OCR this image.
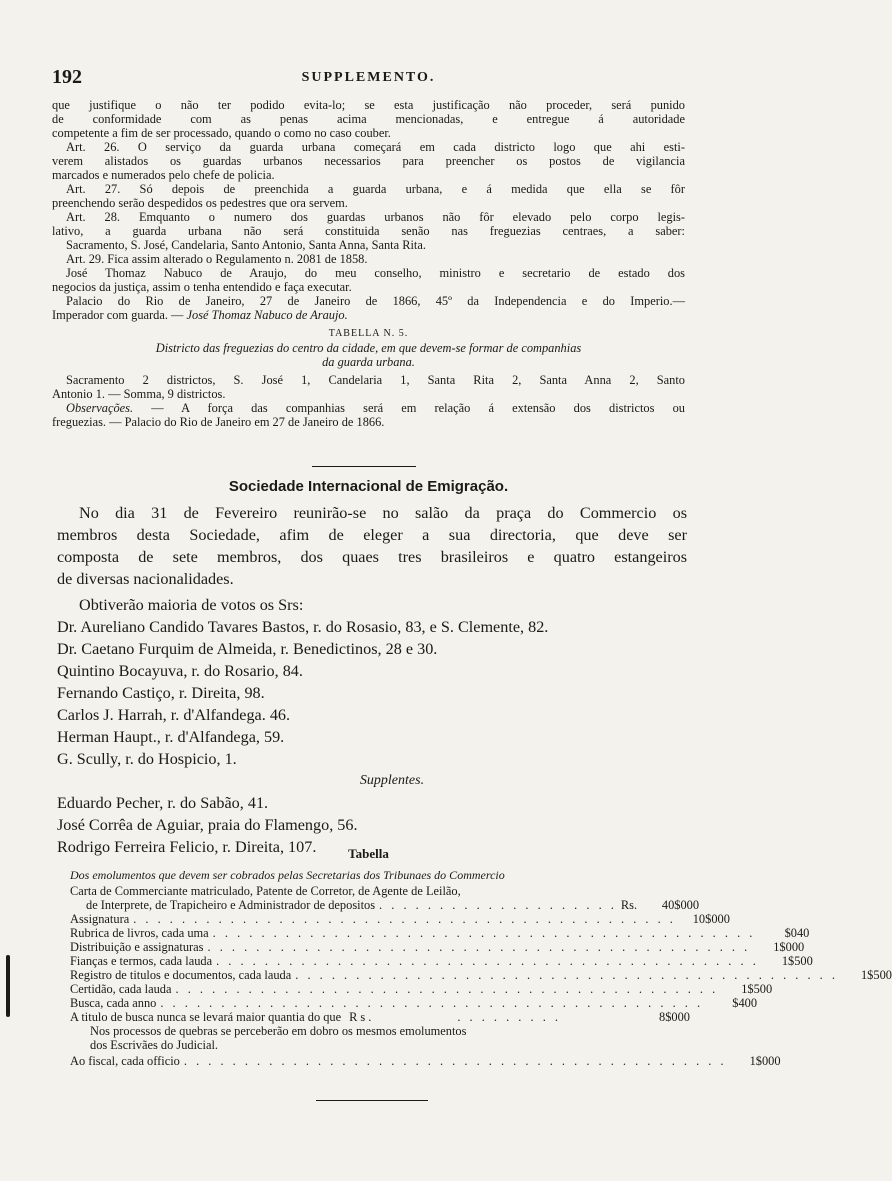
192	SUPPLEMENTO.

que justifique o não ter podido evita-lo; se esta justificação não proceder, será punido

de conformidade com as penas acima mencionadas, e entregue á autoridade

competente a fim de ser processado, quando o como no caso couber.

Art. 26. O serviço da guarda urbana começará em cada districto logo que ahi esti-

verem alistados os guardas urbanos necessarios para preencher os postos de vigilancia

marcados e numerados pelo chefe de policia.

Art. 27. Só depois de preenchida a guarda urbana, e á medida que ella se fôr

preenchendo serão despedidos os pedestres que ora servem.

Art. 28. Emquanto o numero dos guardas urbanos não fôr elevado pelo corpo legis-

lativo, a guarda urbana não será constituida senão nas freguezias centraes, a saber:

Sacramento, S. José, Candelaria, Santo Antonio, Santa Anna, Santa Rita.

Art. 29. Fica assim alterado o Regulamento n. 2081 de 1858.

José Thomaz Nabuco de Araujo, do meu conselho, ministro e secretario de estado dos

negocios da justiça, assim o tenha entendido e faça executar.

Palacio do Rio de Janeiro, 27 de Janeiro de 1866, 45º da Independencia e do Imperio.—

Imperador com guarda. — José Thomaz Nabuco de Araujo.

TABELLA N. 5.

Districto das freguezias do centro da cidade, em que devem-se formar de companhias

da guarda urbana.

Sacramento 2 districtos, S. José 1, Candelaria 1, Santa Rita 2, Santa Anna 2, Santo

Antonio 1. — Somma, 9 districtos.

Observações. — A força das companhias será em relação á extensão dos districtos ou

freguezias. — Palacio do Rio de Janeiro em 27 de Janeiro de 1866.

Sociedade Internacional de Emigração.

No dia 31 de Fevereiro reunirão-se no salão da praça do Commercio os

membros desta Sociedade, afim de eleger a sua directoria, que deve ser

composta de sete membros, dos quaes tres brasileiros e quatro estangeiros

de diversas nacionalidades.

Obtiverão maioria de votos os Srs:

Dr. Aureliano Candido Tavares Bastos, r. do Rosasio, 83, e S. Clemente, 82.

Dr. Caetano Furquim de Almeida, r. Benedictinos, 28 e 30.

Quintino Bocayuva, r. do Rosario, 84.

Fernando Castiço, r. Direita, 98.

Carlos J. Harrah, r. d'Alfandega. 46.

Herman Haupt., r. d'Alfandega, 59.

G. Scully, r. do Hospicio, 1.

Supplentes.

Eduardo Pecher, r. do Sabão, 41.

José Corrêa de Aguiar, praia do Flamengo, 56.

Rodrigo Ferreira Felicio, r. Direita, 107.	Tabella
Dos emolumentos que devem ser cobrados pelas Secretarias dos Tribunaes do Commercio

Carta de Commerciante matriculado, Patente de Corretor, de Agente de Leilão,

de Interprete, de Trapicheiro e Administrador de depositos . . . . . . . . . . . . . . . . . . . . Rs.	40$000
Assignatura . . . . . . . . . . . . . . . . . . . . . . . . . . . . . . . . . . . . . . . . . . . . .	10$000
Rubrica de livros, cada uma . . . . . . . . . . . . . . . . . . . . . . . . . . . . . . . . . . . . . . . . . . . . .	$040
Distribuição e assignaturas . . . . . . . . . . . . . . . . . . . . . . . . . . . . . . . . . . . . . . . . . . . . .	1$000
Fianças e termos, cada lauda . . . . . . . . . . . . . . . . . . . . . . . . . . . . . . . . . . . . . . . . . . . . .	1$500
Registro de titulos e documentos, cada lauda . . . . . . . . . . . . . . . . . . . . . . . . . . . . . . . . . . . . . . . . . . . . .	1$500
Certidão, cada lauda . . . . . . . . . . . . . . . . . . . . . . . . . . . . . . . . . . . . . . . . . . . . .	1$500
Busca, cada anno . . . . . . . . . . . . . . . . . . . . . . . . . . . . . . . . . . . . . . . . . . . . .	$400
A titulo de busca nunca se levará maior quantia do que Rs.	. . . . . . . . .	8$000

Nos processos de quebras se perceberão em dobro os mesmos emolumentos

dos Escrivães do Judicial.

Ao fiscal, cada officio . . . . . . . . . . . . . . . . . . . . . . . . . . . . . . . . . . . . . . . . . . . . .	1$000
